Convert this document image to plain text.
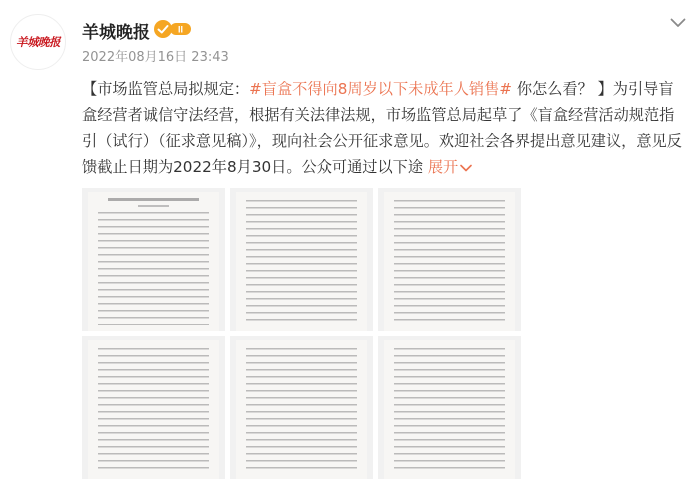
羊城晚报 羊城晚报	II
2022年08月16日 23:43
【市场监管总局拟规定：#盲盒不得向8周岁以下未成年人销售# 你怎么看？ 】为引导盲盒经营者诚信守法经营，根据有关法律法规，市场监管总局起草了《盲盒经营活动规范指引（试行）（征求意见稿）》，现向社会公开征求意见。欢迎社会各界提出意见建议，意见反馈截止日期为2022年8月30日。公众可通过以下途 展开
